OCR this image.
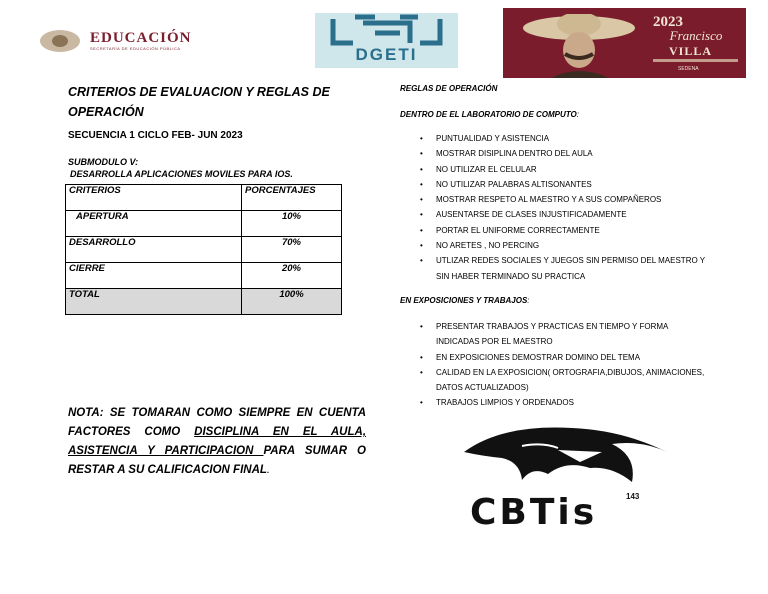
EDUCACIÓN
SECRETARÍA DE EDUCACIÓN PÚBLICA	DGETI
2023
Francisco
VILLA
SEDENA
CRITERIOS DE EVALUACION Y REGLAS DE OPERACIÓN
SECUENCIA 1 CICLO FEB- JUN 2023
SUBMODULO V:
DESARROLLA APLICACIONES MOVILES PARA IOS.
CRITERIOS	PORCENTAJES
APERTURA	10%
DESARROLLO	70%
CIERRE	20%
TOTAL	100%
NOTA: SE TOMARAN COMO SIEMPRE EN CUENTA FACTORES COMO DISCIPLINA EN EL AULA, ASISTENCIA Y PARTICIPACION PARA SUMAR O RESTAR A SU CALIFICACION FINAL.
REGLAS DE OPERACIÓN
DENTRO DE EL LABORATORIO DE COMPUTO:
• PUNTUALIDAD Y ASISTENCIA
• MOSTRAR DISIPLINA DENTRO DEL AULA
• NO UTILIZAR EL CELULAR
• NO UTILIZAR PALABRAS ALTISONANTES
• MOSTRAR RESPETO AL MAESTRO Y A SUS COMPAÑEROS
• AUSENTARSE DE CLASES INJUSTIFICADAMENTE
• PORTAR EL UNIFORME CORRECTAMENTE
• NO ARETES , NO PERCING
• UTLIZAR REDES SOCIALES Y JUEGOS SIN PERMISO DEL MAESTRO Y SIN HABER TERMINADO SU PRACTICA
EN EXPOSICIONES Y TRABAJOS:
• PRESENTAR TRABAJOS Y PRACTICAS EN TIEMPO Y FORMA INDICADAS POR EL MAESTRO
• EN EXPOSICIONES DEMOSTRAR DOMINO DEL TEMA
• CALIDAD EN LA EXPOSICION( ORTOGRAFIA,DIBUJOS, ANIMACIONES, DATOS ACTUALIZADOS)
• TRABAJOS LIMPIOS Y ORDENADOS
CBTis	143
